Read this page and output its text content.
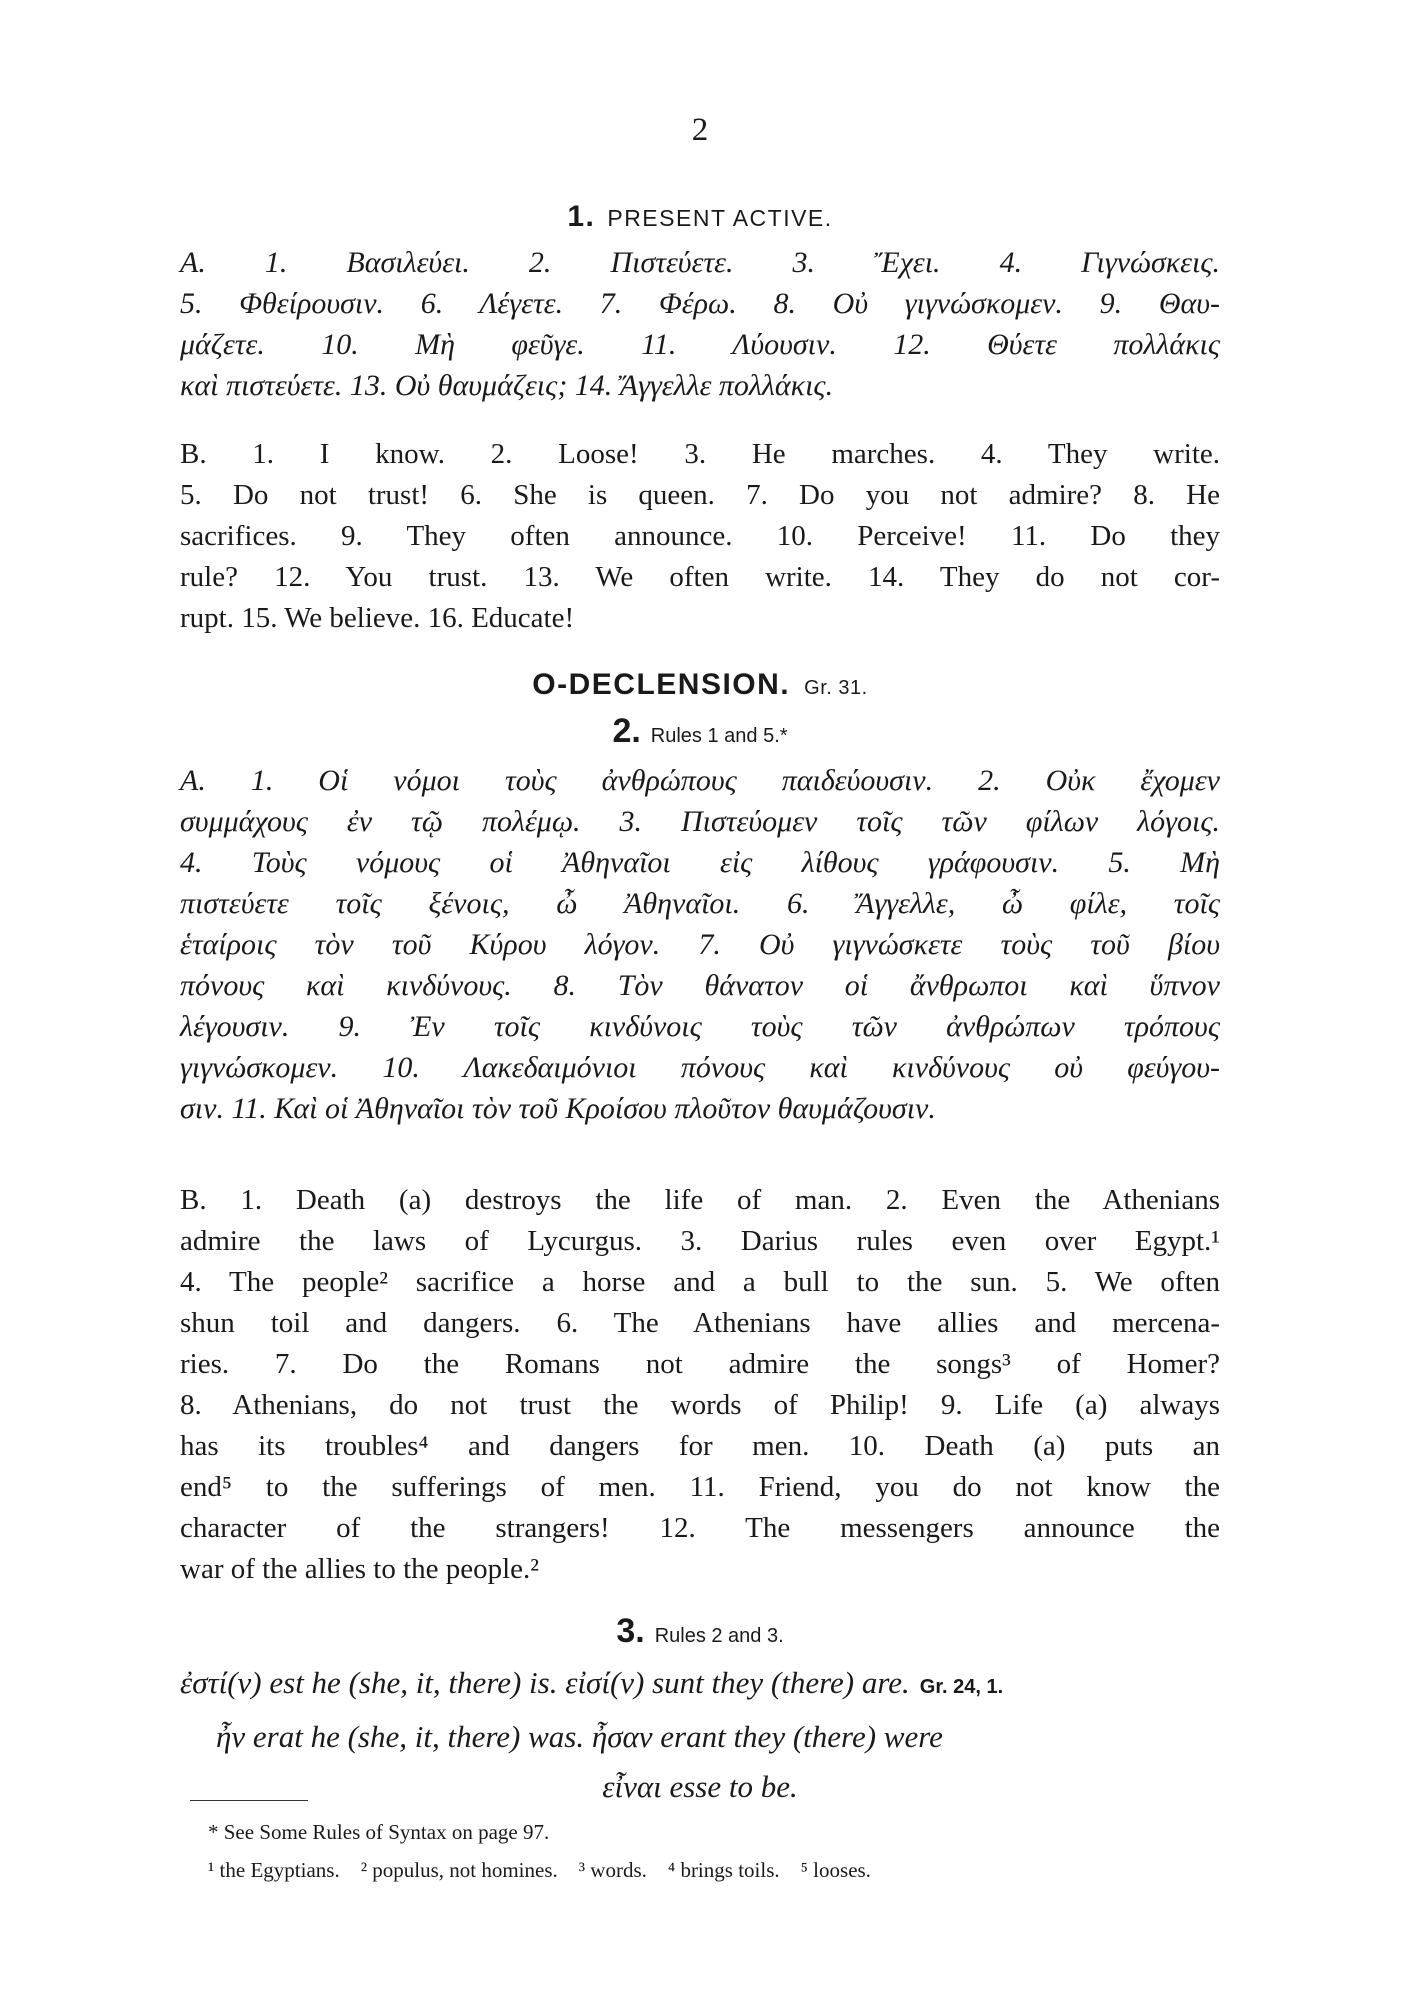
2
1. PRESENT ACTIVE.
A. 1. Βασιλεύει. 2. Πιστεύετε. 3. Ἔχει. 4. Γιγνώσκεις.
5. Φθείρουσιν. 6. Λέγετε. 7. Φέρω. 8. Οὐ γιγνώσκομεν. 9. Θαυ-
μάζετε. 10. Μὴ φεῦγε. 11. Λύουσιν. 12. Θύετε πολλάκις
καὶ πιστεύετε. 13. Οὐ θαυμάζεις; 14. Ἄγγελλε πολλάκις.
B. 1. I know. 2. Loose! 3. He marches. 4. They write.
5. Do not trust! 6. She is queen. 7. Do you not admire? 8. He
sacrifices. 9. They often announce. 10. Perceive! 11. Do they
rule? 12. You trust. 13. We often write. 14. They do not cor-
rupt. 15. We believe. 16. Educate!
O-DECLENSION. Gr. 31.
2. Rules 1 and 5.*
A. 1. Οἱ νόμοι τοὺς ἀνθρώπους παιδεύουσιν. 2. Οὐκ ἔχομεν
συμμάχους ἐν τῷ πολέμῳ. 3. Πιστεύομεν τοῖς τῶν φίλων λόγοις.
4. Τοὺς νόμους οἱ Ἀθηναῖοι εἰς λίθους γράφουσιν. 5. Μὴ
πιστεύετε τοῖς ξένοις, ὦ Ἀθηναῖοι. 6. Ἄγγελλε, ὦ φίλε, τοῖς
ἑταίροις τὸν τοῦ Κύρου λόγον. 7. Οὐ γιγνώσκετε τοὺς τοῦ βίου
πόνους καὶ κινδύνους. 8. Τὸν θάνατον οἱ ἄνθρωποι καὶ ὕπνον
λέγουσιν. 9. Ἐν τοῖς κινδύνοις τοὺς τῶν ἀνθρώπων τρόπους
γιγνώσκομεν. 10. Λακεδαιμόνιοι πόνους καὶ κινδύνους οὐ φεύγου-
σιν. 11. Καὶ οἱ Ἀθηναῖοι τὸν τοῦ Κροίσου πλοῦτον θαυμάζουσιν.
B. 1. Death (a) destroys the life of man. 2. Even the Athenians
admire the laws of Lycurgus. 3. Darius rules even over Egypt.¹
4. The people² sacrifice a horse and a bull to the sun. 5. We often
shun toil and dangers. 6. The Athenians have allies and mercena-
ries. 7. Do the Romans not admire the songs³ of Homer?
8. Athenians, do not trust the words of Philip! 9. Life (a) always
has its troubles⁴ and dangers for men. 10. Death (a) puts an
end⁵ to the sufferings of men. 11. Friend, you do not know the
character of the strangers! 12. The messengers announce the
war of the allies to the people.²
3. Rules 2 and 3.
ἐστί(ν) est he (she, it, there) is. εἰσί(ν) sunt they (there) are. Gr. 24, 1.
ἦν erat he (she, it, there) was. ἦσαν erant they (there) were
εἶναι esse to be.
* See Some Rules of Syntax on page 97.
¹ the Egyptians.    ² populus, not homines.    ³ words.    ⁴ brings toils.    ⁵ looses.
